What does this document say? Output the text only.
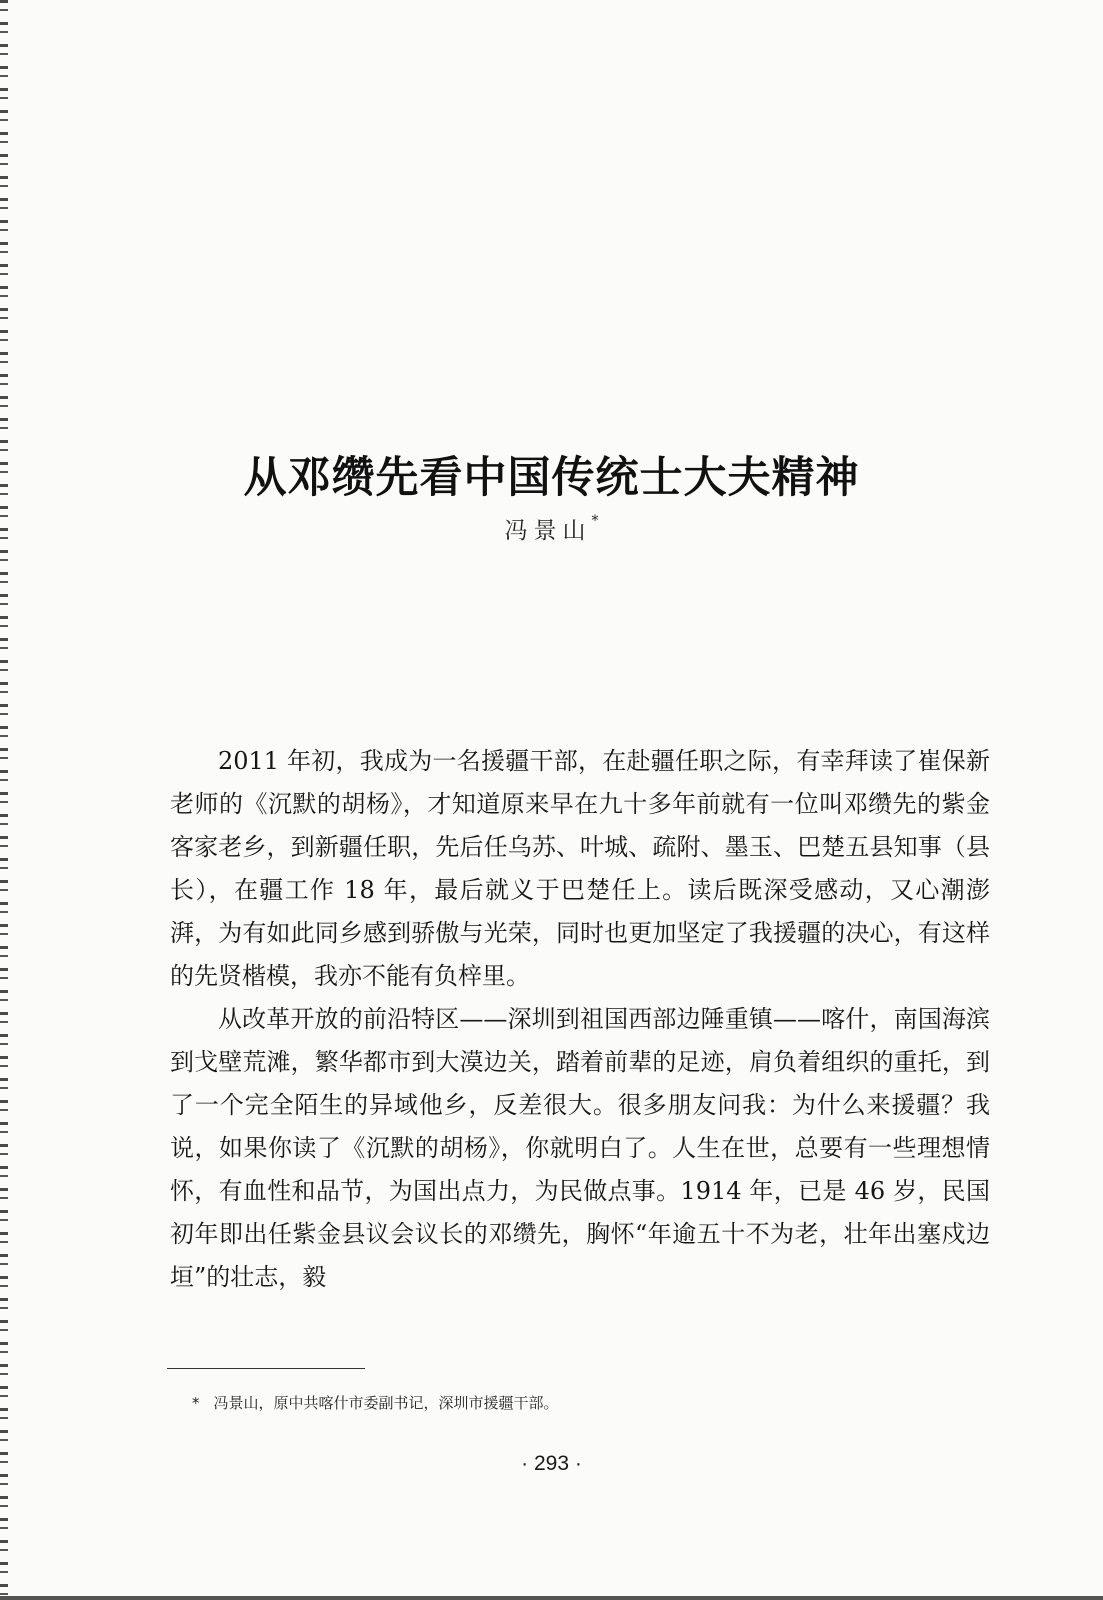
从邓缵先看中国传统士大夫精神
冯景山*

2011 年初，我成为一名援疆干部，在赴疆任职之际，有幸拜读了崔保新老师的《沉默的胡杨》，才知道原来早在九十多年前就有一位叫邓缵先的紫金客家老乡，到新疆任职，先后任乌苏、叶城、疏附、墨玉、巴楚五县知事（县长），在疆工作 18 年，最后就义于巴楚任上。读后既深受感动，又心潮澎湃，为有如此同乡感到骄傲与光荣，同时也更加坚定了我援疆的决心，有这样的先贤楷模，我亦不能有负梓里。

从改革开放的前沿特区——深圳到祖国西部边陲重镇——喀什，南国海滨到戈壁荒滩，繁华都市到大漠边关，踏着前辈的足迹，肩负着组织的重托，到了一个完全陌生的异域他乡，反差很大。很多朋友问我：为什么来援疆？我说，如果你读了《沉默的胡杨》，你就明白了。人生在世，总要有一些理想情怀，有血性和品节，为国出点力，为民做点事。1914 年，已是 46 岁，民国初年即出任紫金县议会议长的邓缵先，胸怀“年逾五十不为老，壮年出塞戍边垣”的壮志，毅

* 冯景山，原中共喀什市委副书记，深圳市援疆干部。
· 293 ·
